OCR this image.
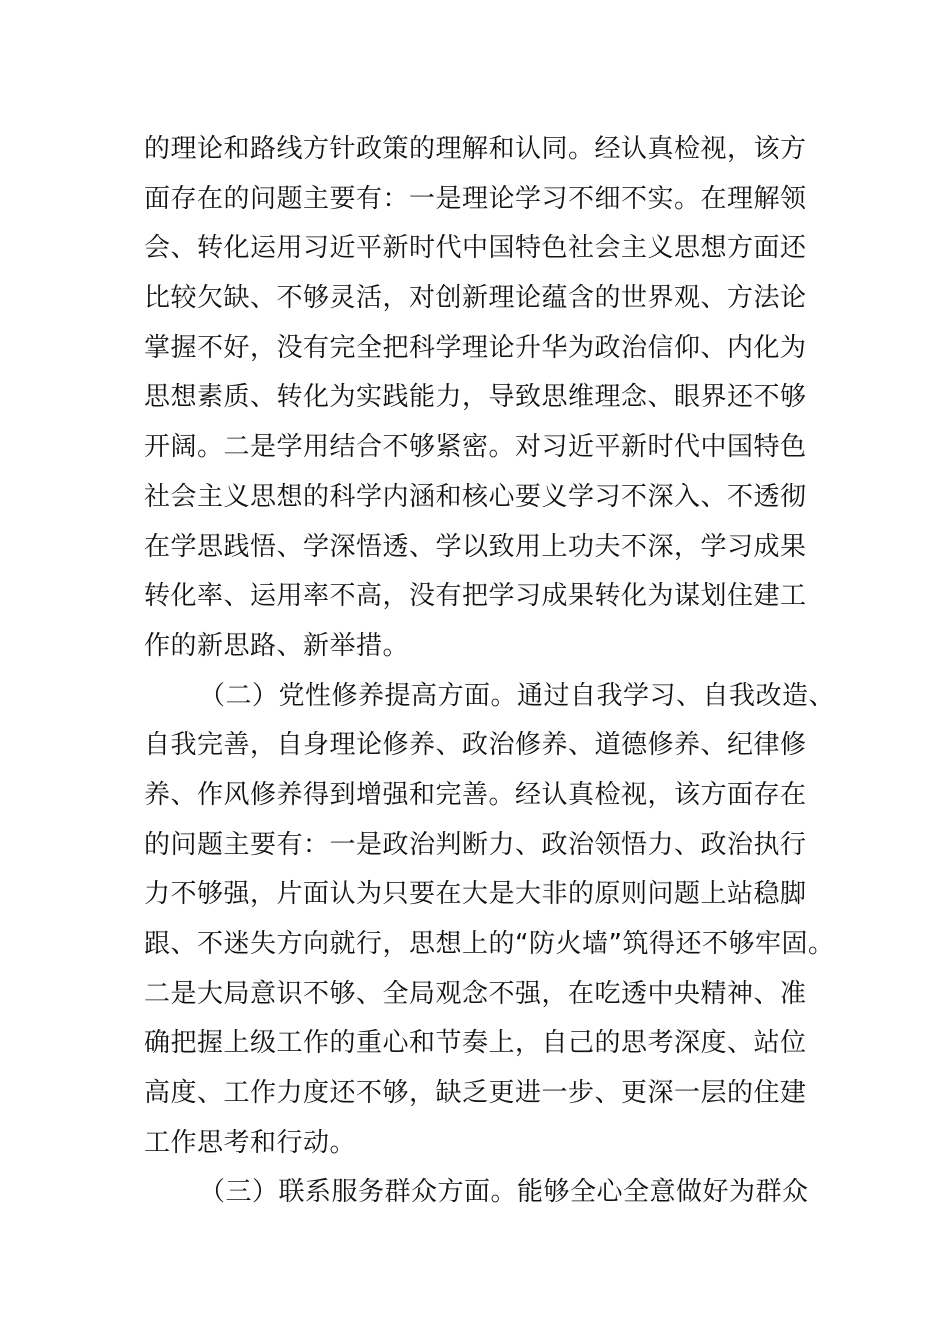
的理论和路线方针政策的理解和认同。经认真检视，该方
面存在的问题主要有：一是理论学习不细不实。在理解领
会、转化运用习近平新时代中国特色社会主义思想方面还
比较欠缺、不够灵活，对创新理论蕴含的世界观、方法论
掌握不好，没有完全把科学理论升华为政治信仰、内化为
思想素质、转化为实践能力，导致思维理念、眼界还不够
开阔。二是学用结合不够紧密。对习近平新时代中国特色
社会主义思想的科学内涵和核心要义学习不深入、不透彻
在学思践悟、学深悟透、学以致用上功夫不深，学习成果
转化率、运用率不高，没有把学习成果转化为谋划住建工
作的新思路、新举措。
（二）党性修养提高方面。通过自我学习、自我改造、
自我完善，自身理论修养、政治修养、道德修养、纪律修
养、作风修养得到增强和完善。经认真检视，该方面存在
的问题主要有：一是政治判断力、政治领悟力、政治执行
力不够强，片面认为只要在大是大非的原则问题上站稳脚
跟、不迷失方向就行，思想上的“防火墙”筑得还不够牢固。
二是大局意识不够、全局观念不强，在吃透中央精神、准
确把握上级工作的重心和节奏上，自己的思考深度、站位
高度、工作力度还不够，缺乏更进一步、更深一层的住建
工作思考和行动。
（三）联系服务群众方面。能够全心全意做好为群众
